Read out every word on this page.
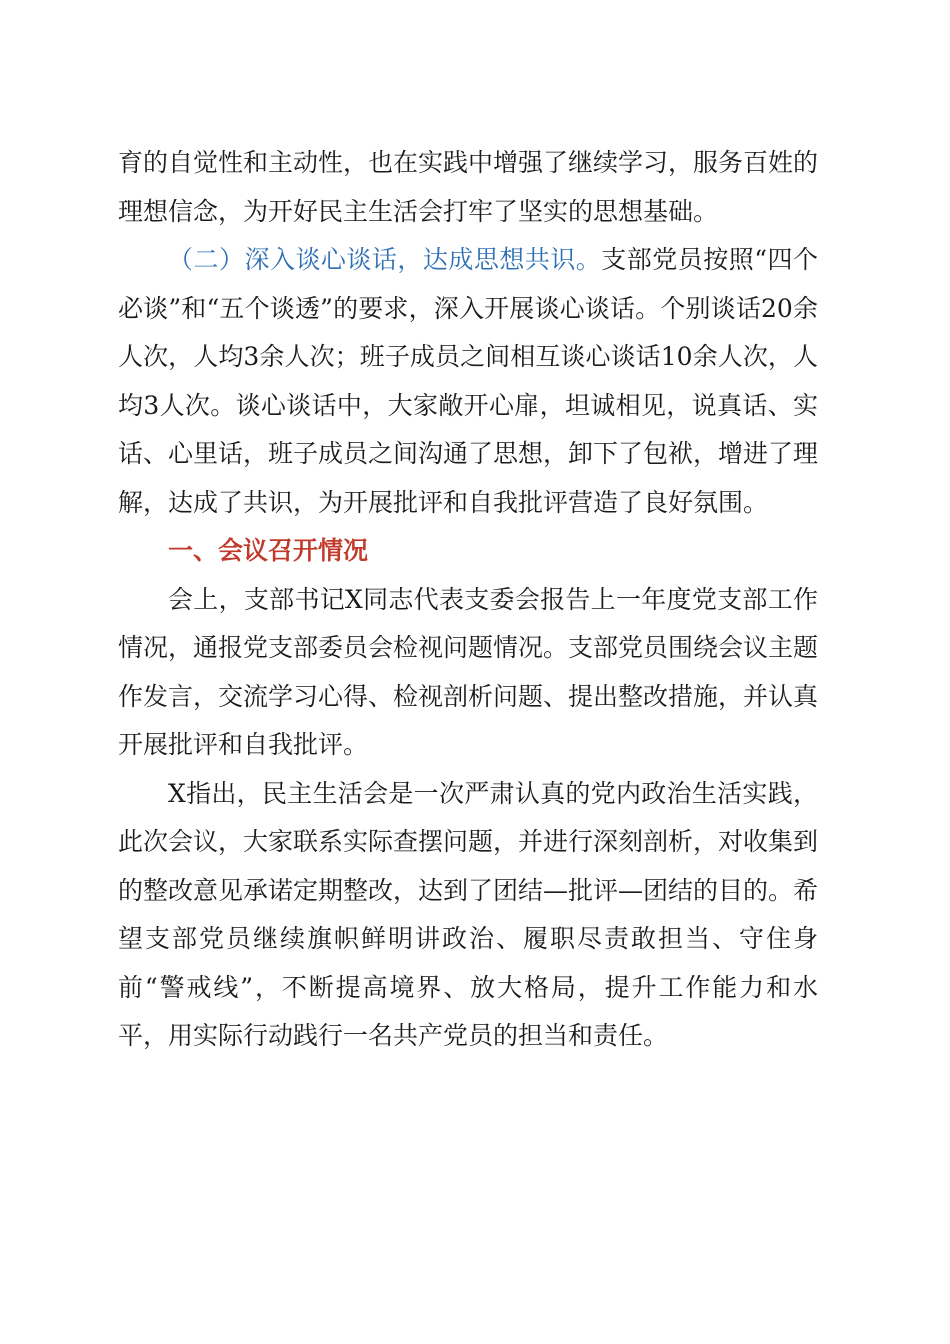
育的自觉性和主动性，也在实践中增强了继续学习，服务百姓的理想信念，为开好民主生活会打牢了坚实的思想基础。

（二）深入谈心谈话，达成思想共识。支部党员按照“四个必谈”和“五个谈透”的要求，深入开展谈心谈话。个别谈话20余人次，人均3余人次；班子成员之间相互谈心谈话10余人次，人均3人次。谈心谈话中，大家敞开心扉，坦诚相见，说真话、实话、心里话，班子成员之间沟通了思想，卸下了包袱，增进了理解，达成了共识，为开展批评和自我批评营造了良好氛围。

一、会议召开情况

会上，支部书记X同志代表支委会报告上一年度党支部工作情况，通报党支部委员会检视问题情况。支部党员围绕会议主题作发言，交流学习心得、检视剖析问题、提出整改措施，并认真开展批评和自我批评。

X指出，民主生活会是一次严肃认真的党内政治生活实践，此次会议，大家联系实际查摆问题，并进行深刻剖析，对收集到的整改意见承诺定期整改，达到了团结—批评—团结的目的。希望支部党员继续旗帜鲜明讲政治、履职尽责敢担当、守住身前“警戒线”，不断提高境界、放大格局，提升工作能力和水平，用实际行动践行一名共产党员的担当和责任。
